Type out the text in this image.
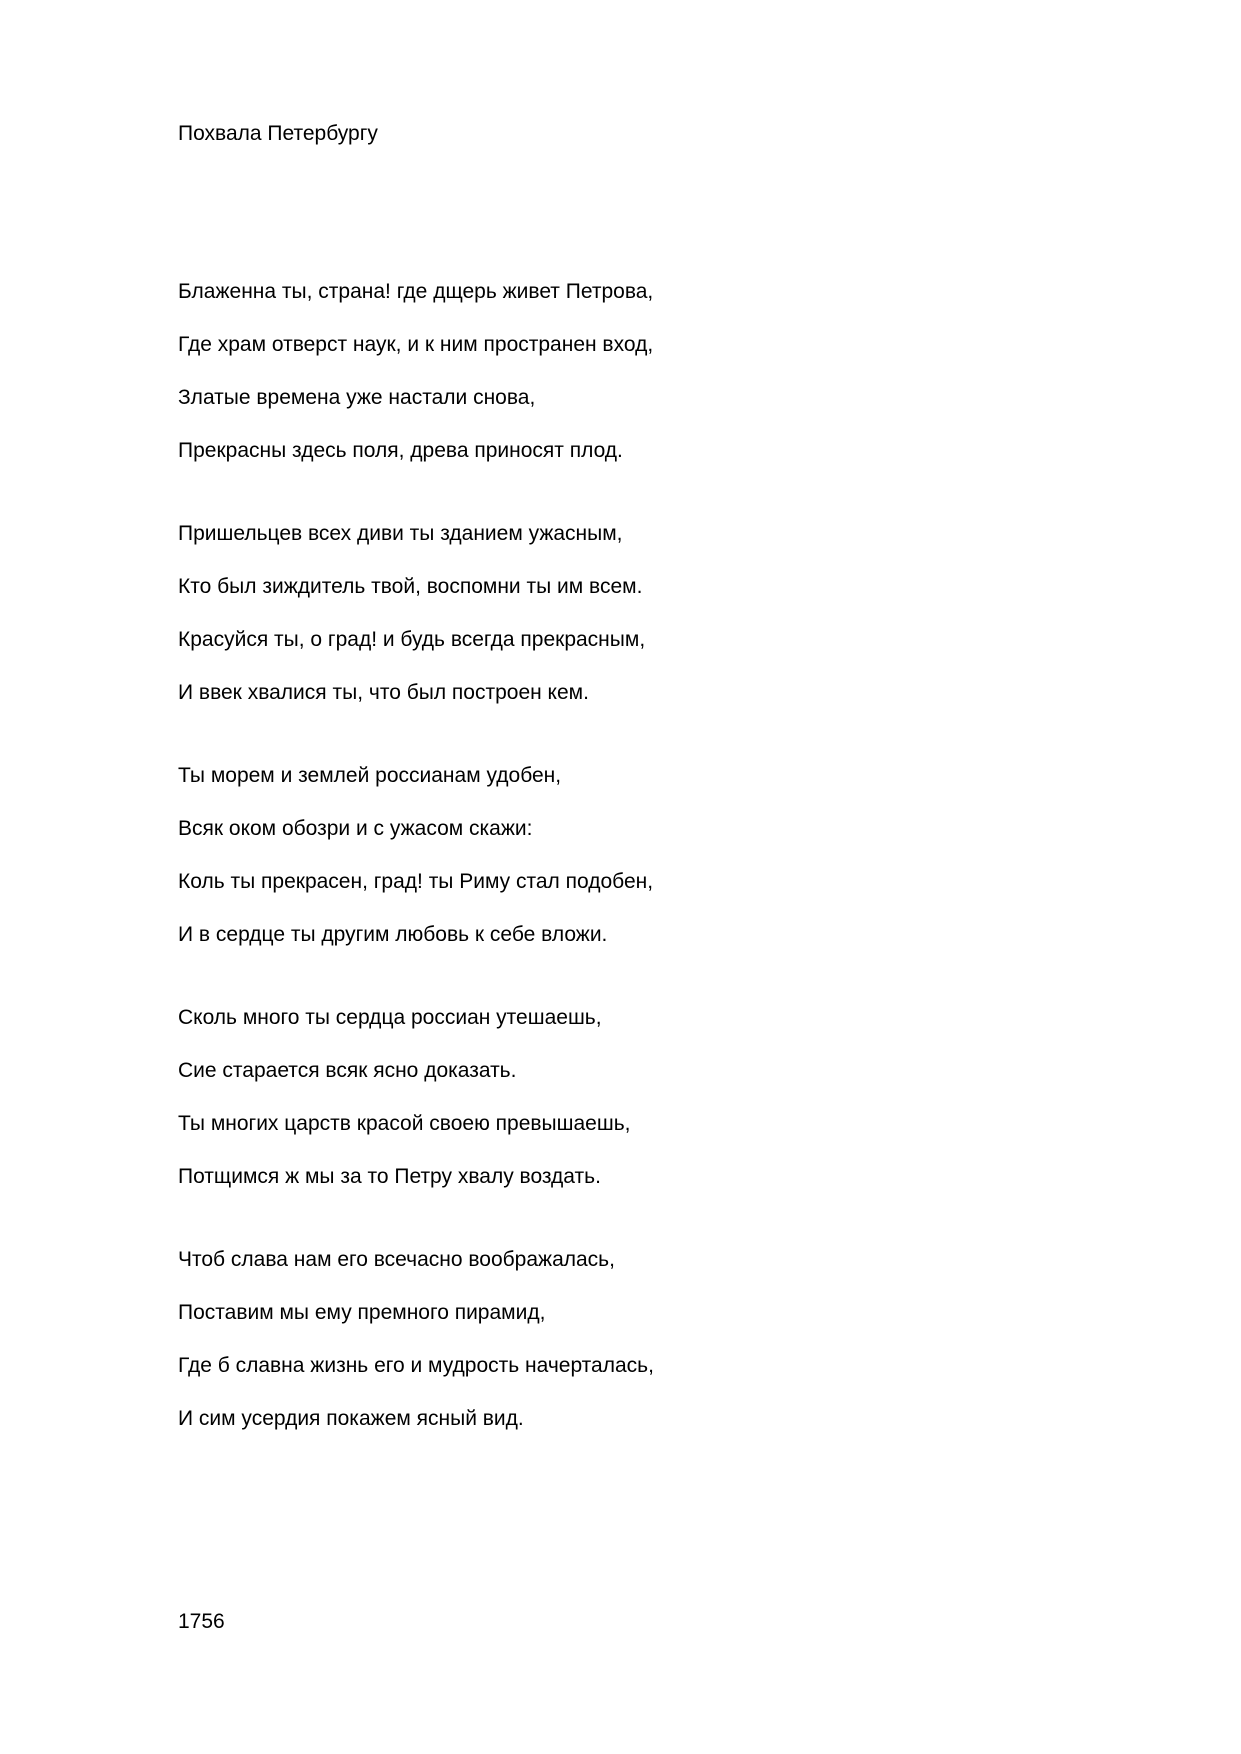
Похвала Петербургу
Блаженна ты, страна! где дщерь живет Петрова,
Где храм отверст наук, и к ним пространен вход,
Златые времена уже настали снова,
Прекрасны здесь поля, древа приносят плод.
Пришельцев всех диви ты зданием ужасным,
Кто был зиждитель твой, воспомни ты им всем.
Красуйся ты, о град! и будь всегда прекрасным,
И ввек хвалися ты, что был построен кем.
Ты морем и землей россианам удобен,
Всяк оком обозри и с ужасом скажи:
Коль ты прекрасен, град! ты Риму стал подобен,
И в сердце ты другим любовь к себе вложи.
Сколь много ты сердца россиан утешаешь,
Сие старается всяк ясно доказать.
Ты многих царств красой своею превышаешь,
Потщимся ж мы за то Петру хвалу воздать.
Чтоб слава нам его всечасно воображалась,
Поставим мы ему премного пирамид,
Где б славна жизнь его и мудрость начерталась,
И сим усердия покажем ясный вид.
1756
